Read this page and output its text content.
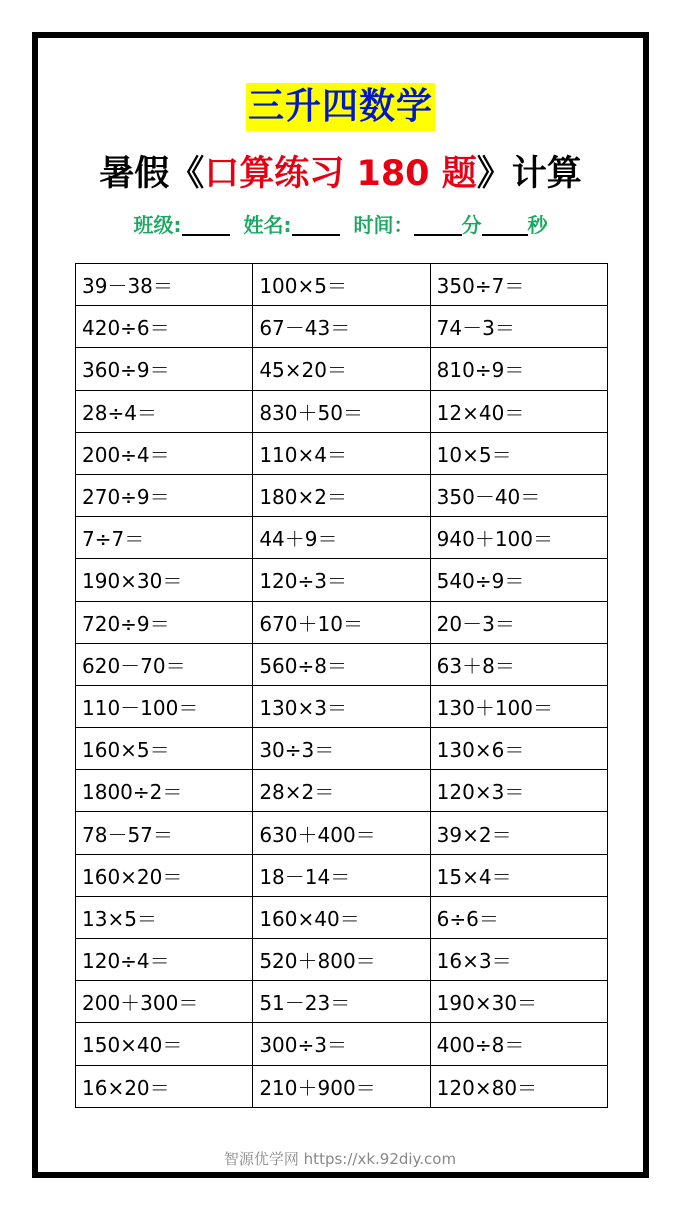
三升四数学
暑假《口算练习 180 题》计算
班级:	姓名:	时间： 分 秒
39－38＝	100×5＝	350÷7＝
420÷6＝	67－43＝	74－3＝
360÷9＝	45×20＝	810÷9＝
28÷4＝	830＋50＝	12×40＝
200÷4＝	110×4＝	10×5＝
270÷9＝	180×2＝	350－40＝
7÷7＝	44＋9＝	940＋100＝
190×30＝	120÷3＝	540÷9＝
720÷9＝	670＋10＝	20－3＝
620－70＝	560÷8＝	63＋8＝
110－100＝	130×3＝	130＋100＝
160×5＝	30÷3＝	130×6＝
1800÷2＝	28×2＝	120×3＝
78－57＝	630＋400＝	39×2＝
160×20＝	18－14＝	15×4＝
13×5＝	160×40＝	6÷6＝
120÷4＝	520＋800＝	16×3＝
200＋300＝	51－23＝	190×30＝
150×40＝	300÷3＝	400÷8＝
16×20＝	210＋900＝	120×80＝
智源优学网 https://xk.92diy.com
